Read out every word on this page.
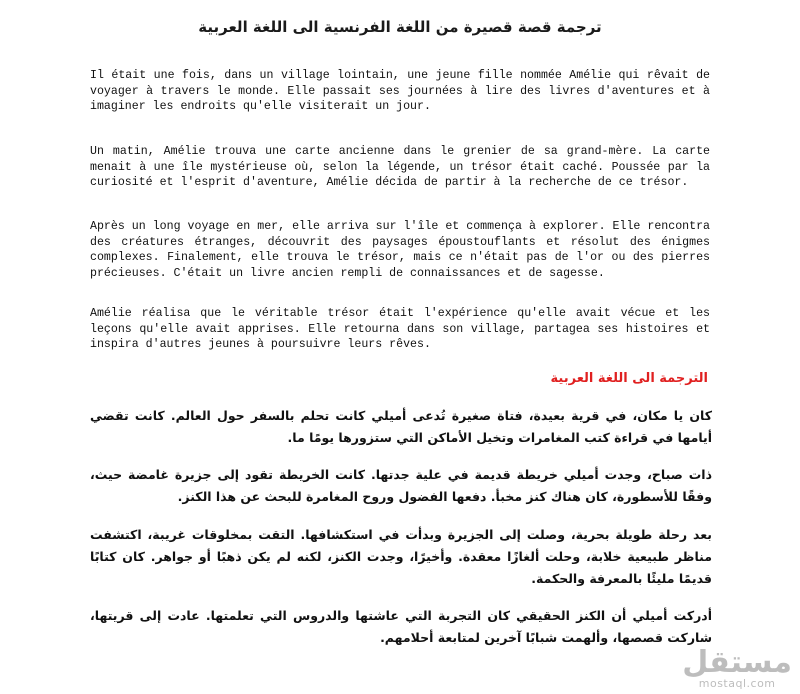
ترجمة قصة قصيرة من اللغة الفرنسية الى اللغة العربية

Il était une fois, dans un village lointain, une jeune fille nommée Amélie qui rêvait de voyager à travers le monde. Elle passait ses journées à lire des livres d'aventures et à imaginer les endroits qu'elle visiterait un jour.

Un matin, Amélie trouva une carte ancienne dans le grenier de sa grand-mère. La carte menait à une île mystérieuse où, selon la légende, un trésor était caché. Poussée par la curiosité et l'esprit d'aventure, Amélie décida de partir à la recherche de ce trésor.

Après un long voyage en mer, elle arriva sur l'île et commença à explorer. Elle rencontra des créatures étranges, découvrit des paysages époustouflants et résolut des énigmes complexes. Finalement, elle trouva le trésor, mais ce n'était pas de l'or ou des pierres précieuses. C'était un livre ancien rempli de connaissances et de sagesse.

Amélie réalisa que le véritable trésor était l'expérience qu'elle avait vécue et les leçons qu'elle avait apprises. Elle retourna dans son village, partagea ses histoires et inspira d'autres jeunes à poursuivre leurs rêves.

الترجمة الى اللغة العربية

كان يا مكان، في قرية بعيدة، فتاة صغيرة تُدعى أميلي كانت تحلم بالسفر حول العالم. كانت تقضي أيامها في قراءة كتب المغامرات وتخيل الأماكن التي ستزورها يومًا ما.

ذات صباح، وجدت أميلي خريطة قديمة في علية جدتها. كانت الخريطة تقود إلى جزيرة غامضة حيث، وفقًا للأسطورة، كان هناك كنز مخبأ. دفعها الفضول وروح المغامرة للبحث عن هذا الكنز.

بعد رحلة طويلة بحرية، وصلت إلى الجزيرة وبدأت في استكشافها. التقت بمخلوقات غريبة، اكتشفت مناظر طبيعية خلابة، وحلت ألغازًا معقدة. وأخيرًا، وجدت الكنز، لكنه لم يكن ذهبًا أو جواهر. كان كتابًا قديمًا مليئًا بالمعرفة والحكمة.

أدركت أميلي أن الكنز الحقيقي كان التجربة التي عاشتها والدروس التي تعلمتها. عادت إلى قريتها، شاركت قصصها، وألهمت شبابًا آخرين لمتابعة أحلامهم.

مستقل
mostaql.com
